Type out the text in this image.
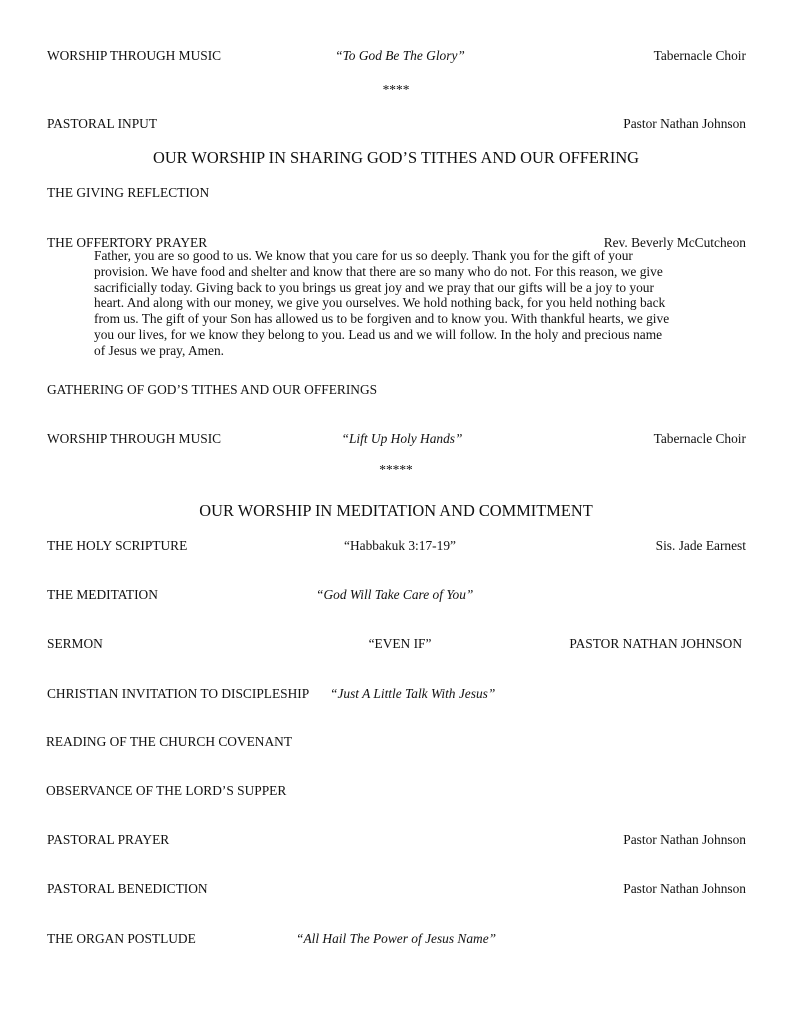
WORSHIP THROUGH MUSIC	“To God Be The Glory”	Tabernacle Choir
****
PASTORAL INPUT	Pastor Nathan Johnson
OUR WORSHIP IN SHARING GOD’S TITHES AND OUR OFFERING
THE GIVING REFLECTION
THE OFFERTORY PRAYER	Rev. Beverly McCutcheon
Father, you are so good to us. We know that you care for us so deeply. Thank you for the gift of your
provision. We have food and shelter and know that there are so many who do not. For this reason, we give
sacrificially today. Giving back to you brings us great joy and we pray that our gifts will be a joy to your
heart. And along with our money, we give you ourselves. We hold nothing back, for you held nothing back
from us. The gift of your Son has allowed us to be forgiven and to know you. With thankful hearts, we give
you our lives, for we know they belong to you. Lead us and we will follow. In the holy and precious name
of Jesus we pray, Amen.
GATHERING OF GOD’S TITHES AND OUR OFFERINGS
WORSHIP THROUGH MUSIC	“Lift Up Holy Hands”	Tabernacle Choir
*****
OUR WORSHIP IN MEDITATION AND COMMITMENT
THE HOLY SCRIPTURE	“Habbakuk 3:17-19”	Sis. Jade Earnest
THE MEDITATION	“God Will Take Care of You”
SERMON	“EVEN IF”	PASTOR NATHAN JOHNSON
CHRISTIAN INVITATION TO DISCIPLESHIP “Just A Little Talk With Jesus”
READING OF THE CHURCH COVENANT
OBSERVANCE OF THE LORD’S SUPPER
PASTORAL PRAYER	Pastor Nathan Johnson
PASTORAL BENEDICTION	Pastor Nathan Johnson
THE ORGAN POSTLUDE	“All Hail The Power of Jesus Name”
